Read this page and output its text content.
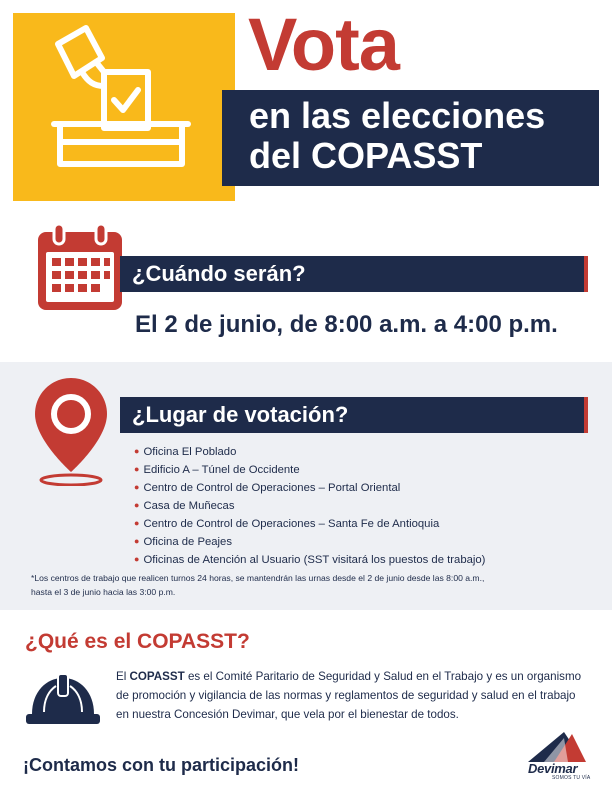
Vota
en las elecciones
del COPASST
¿Cuándo serán?
El 2 de junio, de 8:00 a.m. a 4:00 p.m.
¿Lugar de votación?
● Oficina El Poblado
● Edificio A – Túnel de Occidente
● Centro de Control de Operaciones – Portal Oriental
● Casa de Muñecas
● Centro de Control de Operaciones – Santa Fe de Antioquia
● Oficina de Peajes
● Oficinas de Atención al Usuario (SST visitará los puestos de trabajo)
*Los centros de trabajo que realicen turnos 24 horas, se mantendrán las urnas desde el 2 de junio desde las 8:00 a.m.,
hasta el 3 de junio hacia las 3:00 p.m.
¿Qué es el COPASST?
El COPASST es el Comité Paritario de Seguridad y Salud en el Trabajo y es un organismo de promoción y vigilancia de las normas y reglamentos de seguridad y salud en el trabajo en nuestra Concesión Devimar, que vela por el bienestar de todos.
¡Contamos con tu participación!	Devimar
SOMOS TU VÍA
